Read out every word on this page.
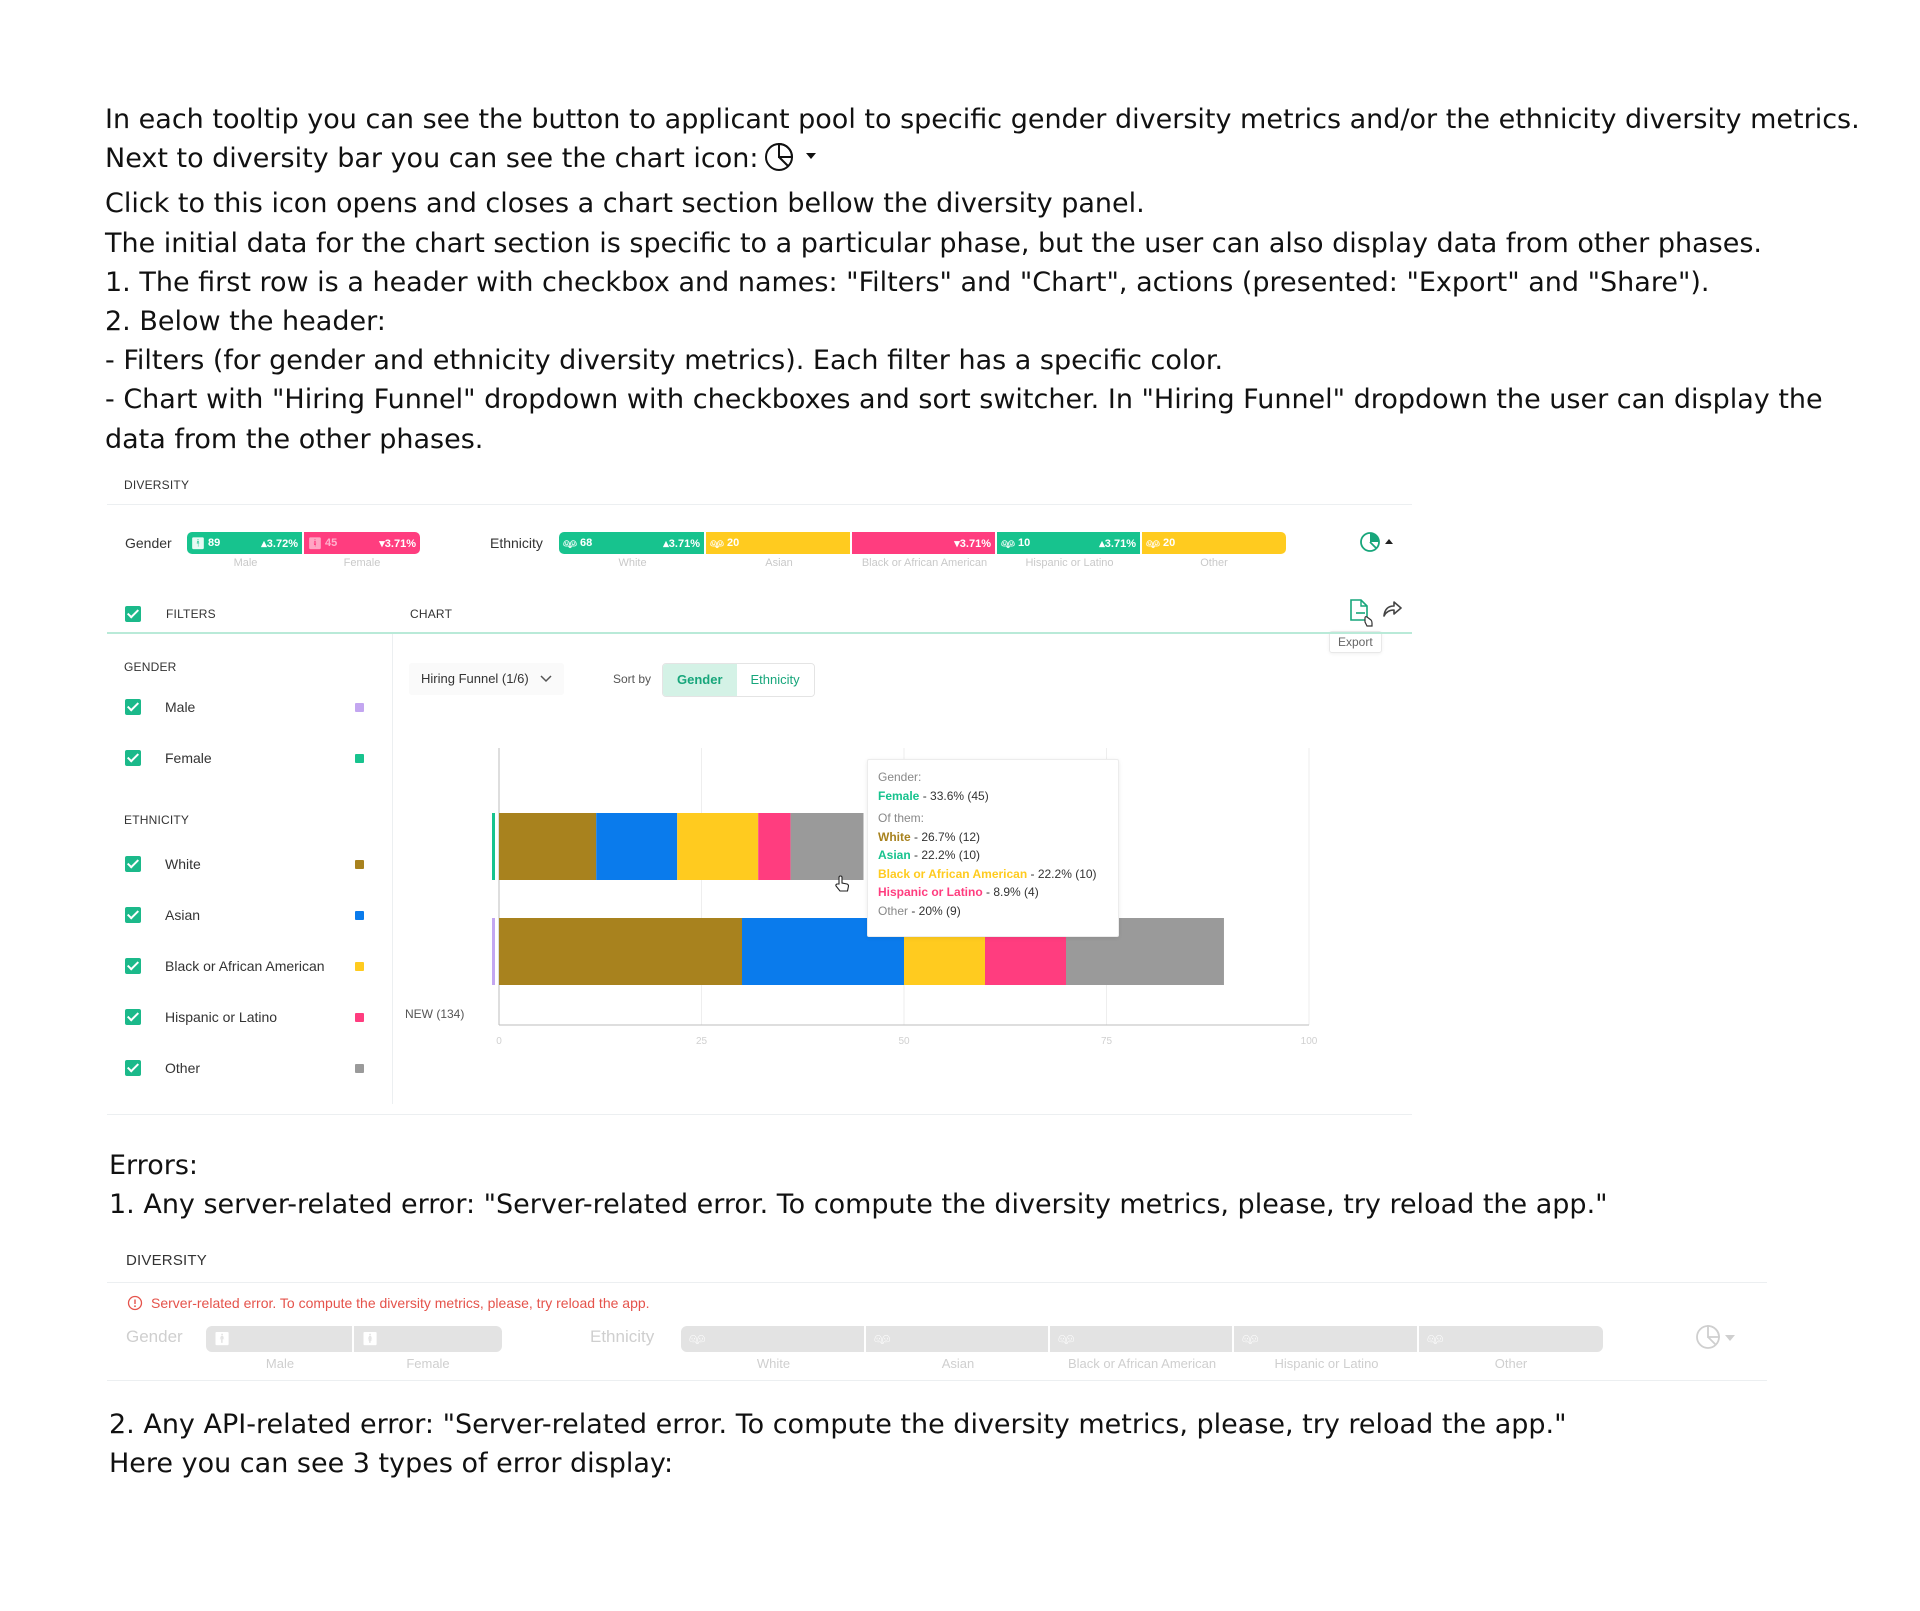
In each tooltip you can see the button to applicant pool to specific gender diversity metrics and/or the ethnicity diversity metrics.

Next to diversity bar you can see the chart icon:

Click to this icon opens and closes a chart section bellow the diversity panel.

The initial data for the chart section is specific to a particular phase, but the user can also display data from other phases.

1. The first row is a header with checkbox and names: "Filters" and "Chart", actions (presented: "Export" and "Share").

2. Below the header:

- Filters (for gender and ethnicity diversity metrics). Each filter has a specific color.

- Chart with "Hiring Funnel" dropdown with checkboxes and sort switcher. In "Hiring Funnel" dropdown the user can display the data from the other phases.

DIVERSITY
Gender 🚹︎ 89	▴3.72% 🚺︎ 45	▾3.71%
Male	Female
Ethnicity 👫︎ 68	▴3.71% 👫︎ 20	▾3.71% 👫︎ 10	▴3.71% 👫︎ 20
White	Asian	Black or African American	Hispanic or Latino	Other
FILTERS	CHART
Export
GENDER
Male
Female
ETHNICITY
White
Asian
Black or African American
Hispanic or Latino
Other
Hiring Funnel (1/6)	Sort by	Gender	Ethnicity
0	25	50	75	100
NEW (134)
Gender:
Female - 33.6% (45)
Of them:
White - 26.7% (12)
Asian - 22.2% (10)
Black or African American - 22.2% (10)
Hispanic or Latino - 8.9% (4)
Other - 20% (9)

Errors:

1. Any server-related error: "Server-related error. To compute the diversity metrics, please, try reload the app."

DIVERSITY
Server-related error. To compute the diversity metrics, please, try reload the app.
Gender	🚹︎	🚺︎
Male	Female
Ethnicity	👫︎	👫︎	👫︎	👫︎	👫︎
White	Asian	Black or African American	Hispanic or Latino	Other

2. Any API-related error: "Server-related error. To compute the diversity metrics, please, try reload the app."

Here you can see 3 types of error display:
